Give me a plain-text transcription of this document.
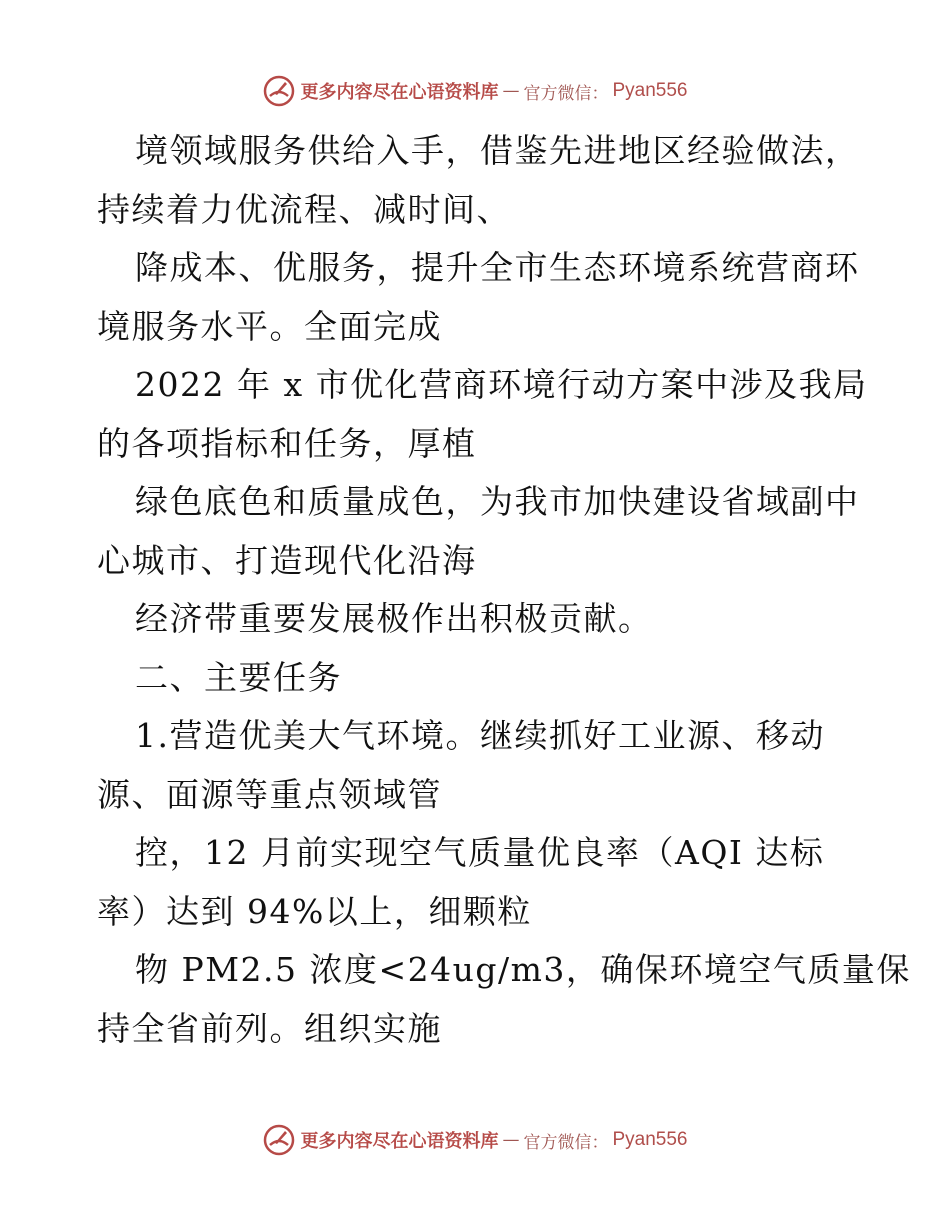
更多内容尽在心语资料库 — 官方微信： Pyan556
境领域服务供给入手，借鉴先进地区经验做法，
持续着力优流程、减时间、
降成本、优服务，提升全市生态环境系统营商环
境服务水平。全面完成
2022 年 x 市优化营商环境行动方案中涉及我局
的各项指标和任务，厚植
绿色底色和质量成色，为我市加快建设省域副中
心城市、打造现代化沿海
经济带重要发展极作出积极贡献。
二、主要任务
1.营造优美大气环境。继续抓好工业源、移动
源、面源等重点领域管
控，12 月前实现空气质量优良率（AQI 达标
率）达到 94%以上，细颗粒
物 PM2.5 浓度<24ug/m3，确保环境空气质量保
持全省前列。组织实施
更多内容尽在心语资料库 — 官方微信： Pyan556
